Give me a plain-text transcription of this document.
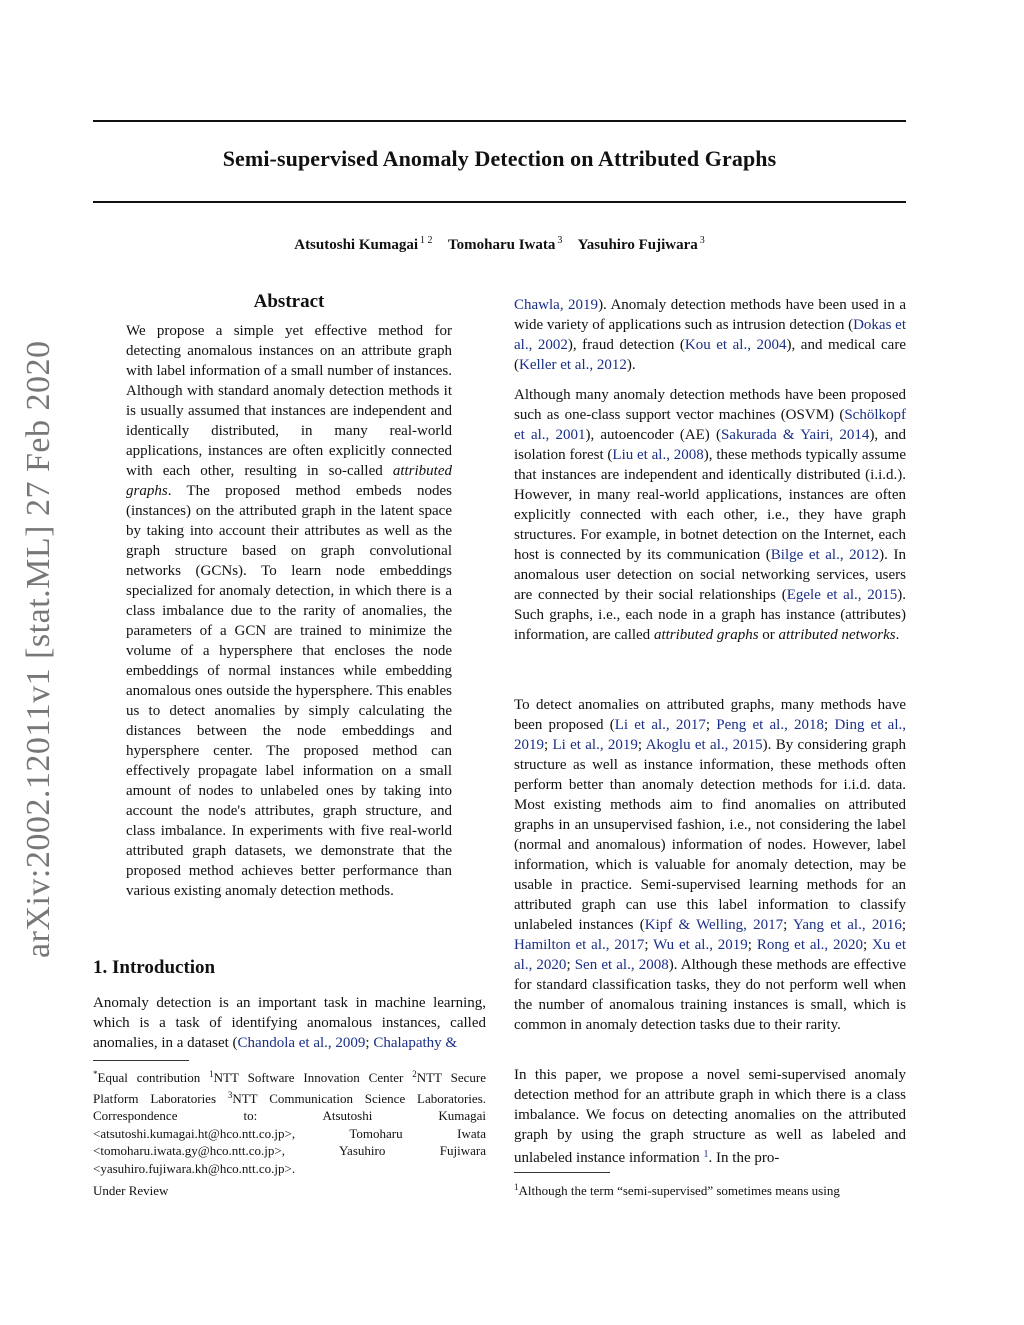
Semi-supervised Anomaly Detection on Attributed Graphs
Atsutoshi Kumagai $^{1 2}$ Tomoharu Iwata $^3$ Yasuhiro Fujiwara $^3$
arXiv:2002.12011v1 [stat.ML] 27 Feb 2020
Abstract

We propose a simple yet effective method for detecting anomalous instances on an attribute graph with label information of a small number of instances. Although with standard anomaly detection methods it is usually assumed that instances are independent and identically distributed, in many real-world applications, instances are often explicitly connected with each other, resulting in so-called attributed graphs. The proposed method embeds nodes (instances) on the attributed graph in the latent space by taking into account their attributes as well as the graph structure based on graph convolutional networks (GCNs). To learn node embeddings specialized for anomaly detection, in which there is a class imbalance due to the rarity of anomalies, the parameters of a GCN are trained to minimize the volume of a hypersphere that encloses the node embeddings of normal instances while embedding anomalous ones outside the hypersphere. This enables us to detect anomalies by simply calculating the distances between the node embeddings and hypersphere center. The proposed method can effectively propagate label information on a small amount of nodes to unlabeled ones by taking into account the node's attributes, graph structure, and class imbalance. In experiments with five real-world attributed graph datasets, we demonstrate that the proposed method achieves better performance than various existing anomaly detection methods.

1. Introduction

Anomaly detection is an important task in machine learning, which is a task of identifying anomalous instances, called anomalies, in a dataset (Chandola et al., 2009; Chalapathy &

*Equal contribution $^1$NTT Software Innovation Center $^2$NTT Secure Platform Laboratories $^3$NTT Communication Science Laboratories. Correspondence to: Atsutoshi Kumagai <atsutoshi.kumagai.ht@hco.ntt.co.jp>, Tomoharu Iwata <tomoharu.iwata.gy@hco.ntt.co.jp>, Yasuhiro Fujiwara <yasuhiro.fujiwara.kh@hco.ntt.co.jp>.
Under Review

Chawla, 2019). Anomaly detection methods have been used in a wide variety of applications such as intrusion detection (Dokas et al., 2002), fraud detection (Kou et al., 2004), and medical care (Keller et al., 2012).

Although many anomaly detection methods have been proposed such as one-class support vector machines (OSVM) (Schölkopf et al., 2001), autoencoder (AE) (Sakurada & Yairi, 2014), and isolation forest (Liu et al., 2008), these methods typically assume that instances are independent and identically distributed (i.i.d.). However, in many real-world applications, instances are often explicitly connected with each other, i.e., they have graph structures. For example, in botnet detection on the Internet, each host is connected by its communication (Bilge et al., 2012). In anomalous user detection on social networking services, users are connected by their social relationships (Egele et al., 2015). Such graphs, i.e., each node in a graph has instance (attributes) information, are called attributed graphs or attributed networks.

To detect anomalies on attributed graphs, many methods have been proposed (Li et al., 2017; Peng et al., 2018; Ding et al., 2019; Li et al., 2019; Akoglu et al., 2015). By considering graph structure as well as instance information, these methods often perform better than anomaly detection methods for i.i.d. data. Most existing methods aim to find anomalies on attributed graphs in an unsupervised fashion, i.e., not considering the label (normal and anomalous) information of nodes. However, label information, which is valuable for anomaly detection, may be usable in practice. Semi-supervised learning methods for an attributed graph can use this label information to classify unlabeled instances (Kipf & Welling, 2017; Yang et al., 2016; Hamilton et al., 2017; Wu et al., 2019; Rong et al., 2020; Xu et al., 2020; Sen et al., 2008). Although these methods are effective for standard classification tasks, they do not perform well when the number of anomalous training instances is small, which is common in anomaly detection tasks due to their rarity.

In this paper, we propose a novel semi-supervised anomaly detection method for an attribute graph in which there is a class imbalance. We focus on detecting anomalies on the attributed graph by using the graph structure as well as labeled and unlabeled instance information $^1$. In the pro-

$^1$Although the term “semi-supervised” sometimes means using
